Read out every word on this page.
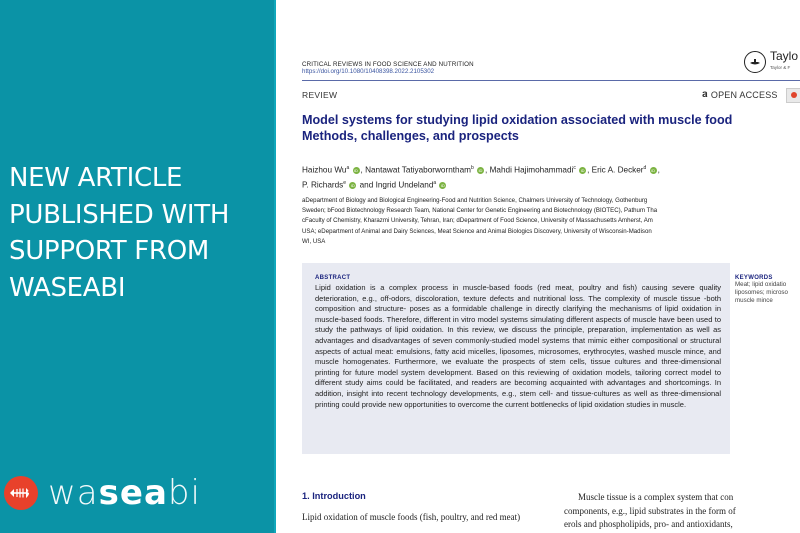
NEW ARTICLE
PUBLISHED WITH
SUPPORT FROM
WASEABI
waseabi
CRITICAL REVIEWS IN FOOD SCIENCE AND NUTRITION
https://doi.org/10.1080/10408398.2022.2105302
Taylo
Taylor & F
REVIEW	𝐚 OPEN ACCESS
Model systems for studying lipid oxidation associated with muscle food
Methods, challenges, and prospects
Haizhou Wu$^a$ iD , Nantawat Tatiyaborworntham$^b$ iD , Mahdi Hajimohammadi$^c$ iD , Eric A. Decker$^d$ iD ,
P. Richards$^e$ iD and Ingrid Undeland$^a$ iD
aDepartment of Biology and Biological Engineering-Food and Nutrition Science, Chalmers University of Technology, Gothenburg
Sweden; bFood Biotechnology Research Team, National Center for Genetic Engineering and Biotechnology (BIOTEC), Pathum Tha
cFaculty of Chemistry, Kharazmi University, Tehran, Iran; dDepartment of Food Science, University of Massachusetts Amherst, Am
USA; eDepartment of Animal and Dairy Sciences, Meat Science and Animal Biologics Discovery, University of Wisconsin-Madison
WI, USA
ABSTRACT
Lipid oxidation is a complex process in muscle-based foods (red meat, poultry and fish) causing severe quality deterioration, e.g., off-odors, discoloration, texture defects and nutritional loss. The complexity of muscle tissue -both composition and structure- poses as a formidable challenge in directly clarifying the mechanisms of lipid oxidation in muscle-based foods. Therefore, different in vitro model systems simulating different aspects of muscle have been used to study the pathways of lipid oxidation. In this review, we discuss the principle, preparation, implementation as well as advantages and disadvantages of seven commonly-studied model systems that mimic either compositional or structural aspects of actual meat: emulsions, fatty acid micelles, liposomes, microsomes, erythrocytes, washed muscle mince, and muscle homogenates. Furthermore, we evaluate the prospects of stem cells, tissue cultures and three-dimensional printing for future model system development. Based on this reviewing of oxidation models, tailoring correct model to different study aims could be facilitated, and readers are becoming acquainted with advantages and shortcomings. In addition, insight into recent technology developments, e.g., stem cell- and tissue-cultures as well as three-dimensional printing could provide new opportunities to overcome the current bottlenecks of lipid oxidation studies in muscle.
KEYWORDS
Meat; lipid oxidatio
liposomes; microso
muscle mince
1. Introduction
Lipid oxidation of muscle foods (fish, poultry, and red meat)
Muscle tissue is a complex system that con
components, e.g., lipid substrates in the form of
erols and phospholipids, pro- and antioxidants,
